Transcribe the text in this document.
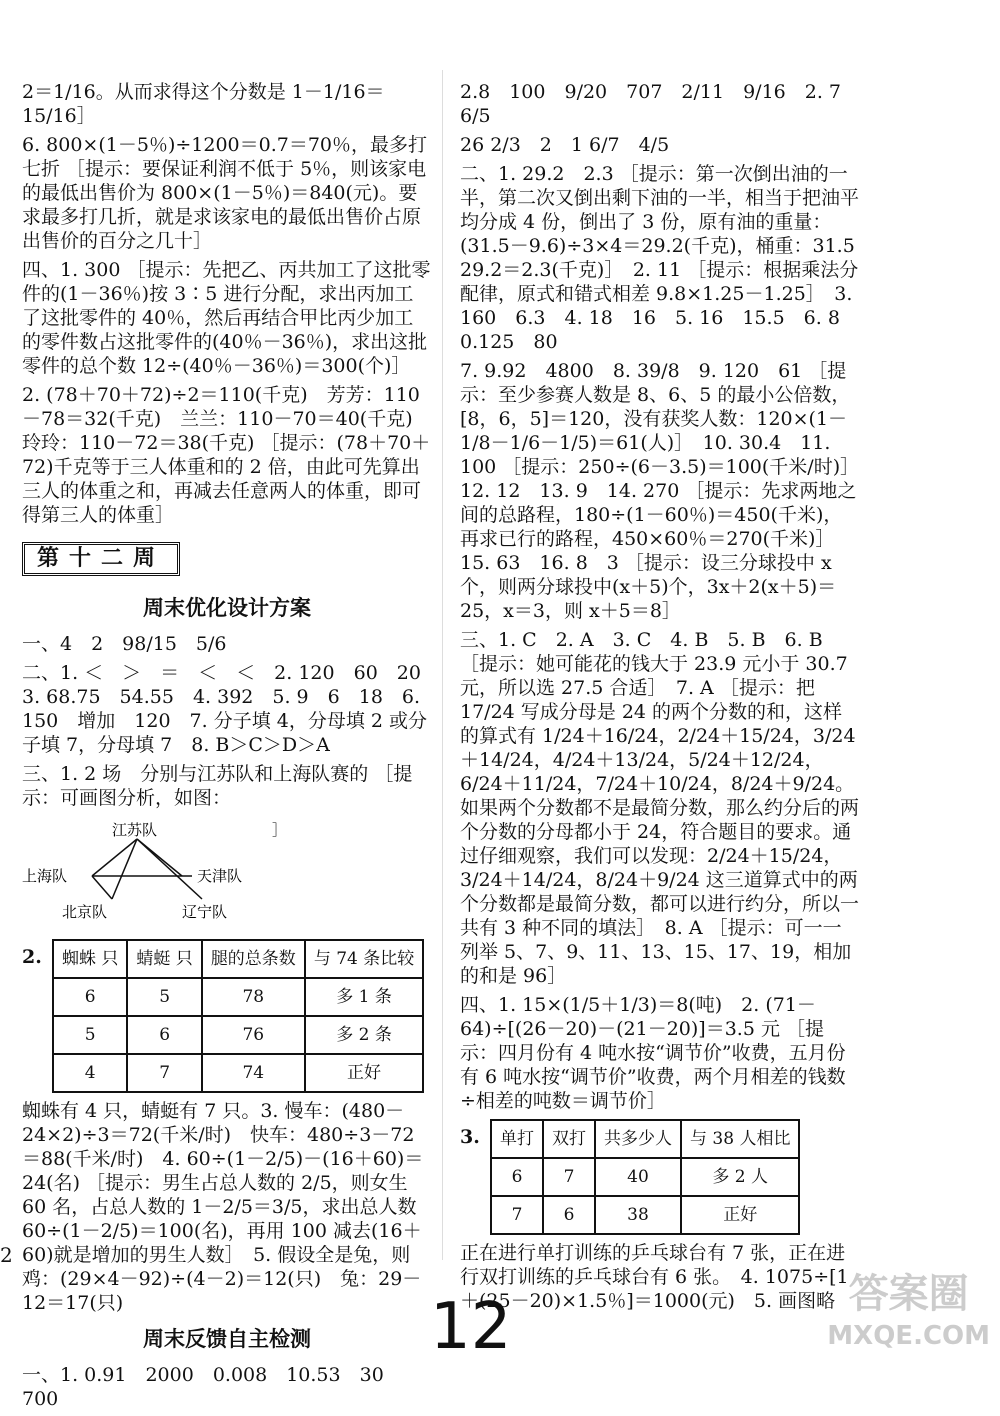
2＝1/16。从而求得这个分数是 1－1/16＝15/16］
6. 800×(1－5％)÷1200＝0.7＝70％，最多打七折 ［提示：要保证利润不低于 5％，则该家电的最低出售价为 800×(1－5％)＝840(元)。要求最多打几折，就是求该家电的最低出售价占原出售价的百分之几十］
四、1. 300 ［提示：先把乙、丙共加工了这批零件的(1－36％)按 3∶5 进行分配，求出丙加工了这批零件的 40％，然后再结合甲比丙少加工的零件数占这批零件的(40％－36％)，求出这批零件的总个数 12÷(40％－36％)＝300(个)］
2. (78＋70＋72)÷2＝110(千克)　芳芳：110－78＝32(千克)　兰兰：110－70＝40(千克)　玲玲：110－72＝38(千克) ［提示：(78＋70＋72)千克等于三人体重和的 2 倍，由此可先算出三人的体重之和，再减去任意两人的体重，即可得第三人的体重］
第十二周
周末优化设计方案
一、4　2　98/15　5/6
二、1. ＜　＞　＝　＜　＜　2. 120　60　20　3. 68.75　54.55　4. 392　5. 9　6　18　6. 150　增加　120　7. 分子填 4，分母填 2 或分子填 7，分母填 7　8. B＞C＞D＞A
三、1. 2 场　分别与江苏队和上海队赛的 ［提示：可画图分析，如图：
江苏队
上海队	天津队
北京队	辽宁队
］
2. 蜘蛛 只	蜻蜓 只	腿的总条数	与 74 条比较
6	5	78	多 1 条
5	6	76	多 2 条
4	7	74	正好
蜘蛛有 4 只，蜻蜓有 7 只。3. 慢车：(480－24×2)÷3＝72(千米/时)　快车：480÷3－72＝88(千米/时)　4. 60÷(1－2/5)－(16＋60)＝24(名) ［提示：男生占总人数的 2/5，则女生 60 名，占总人数的 1－2/5＝3/5，求出总人数 60÷(1－2/5)＝100(名)，再用 100 减去(16＋60)就是增加的男生人数］　5. 假设全是兔，则鸡：(29×4－92)÷(4－2)＝12(只)　兔：29－12＝17(只)
周末反馈自主检测
一、1. 0.91　2000　0.008　10.53　30　700
2.8　100　9/20　707　2/11　9/16　2. 7　6/5
26 2/3　2　1 6/7　4/5
二、1. 29.2　2.3 ［提示：第一次倒出油的一半，第二次又倒出剩下油的一半，相当于把油平均分成 4 份，倒出了 3 份，原有油的重量：(31.5－9.6)÷3×4＝29.2(千克)，桶重：31.5　29.2＝2.3(千克)］　2. 11 ［提示：根据乘法分配律，原式和错式相差 9.8×1.25－1.25］　3. 160　6.3　4. 18　16　5. 16　15.5　6. 8　0.125　80
7. 9.92　4800　8. 39/8　9. 120　61 ［提示：至少参赛人数是 8、6、5 的最小公倍数，[8，6，5]＝120，没有获奖人数：120×(1－1/8－1/6－1/5)＝61(人)］　10. 30.4　11. 100 ［提示：250÷(6－3.5)＝100(千米/时)］　12. 12　13. 9　14. 270 ［提示：先求两地之间的总路程，180÷(1－60％)＝450(千米)，再求已行的路程，450×60％＝270(千米)］　15. 63　16. 8　3 ［提示：设三分球投中 x 个，则两分球投中(x＋5)个，3x＋2(x＋5)＝25，x＝3，则 x＋5＝8］
三、1. C　2. A　3. C　4. B　5. B　6. B ［提示：她可能花的钱大于 23.9 元小于 30.7 元，所以选 27.5 合适］　7. A ［提示：把 17/24 写成分母是 24 的两个分数的和，这样的算式有 1/24＋16/24，2/24＋15/24，3/24＋14/24，4/24＋13/24，5/24＋12/24，6/24＋11/24，7/24＋10/24，8/24＋9/24。如果两个分数都不是最简分数，那么约分后的两个分数的分母都小于 24，符合题目的要求。通过仔细观察，我们可以发现：2/24＋15/24，3/24＋14/24，8/24＋9/24 这三道算式中的两个分数都是最简分数，都可以进行约分，所以一共有 3 种不同的填法］　8. A ［提示：可一一列举 5、7、9、11、13、15、17、19，相加的和是 96］
四、1. 15×(1/5＋1/3)＝8(吨)　2. (71－64)÷[(26－20)－(21－20)]＝3.5 元 ［提示：四月份有 4 吨水按“调节价”收费，五月份有 6 吨水按“调节价”收费，两个月相差的钱数÷相差的吨数＝调节价］
3. 单打	双打	共多少人	与 38 人相比
6	7	40	多 2 人
7	6	38	正好
正在进行单打训练的乒乓球台有 7 张，正在进行双打训练的乒乓球台有 6 张。　4. 1075÷[1＋(25－20)×1.5％]＝1000(元)　5. 画图略
2
12	答案圈
MXQE.COM
